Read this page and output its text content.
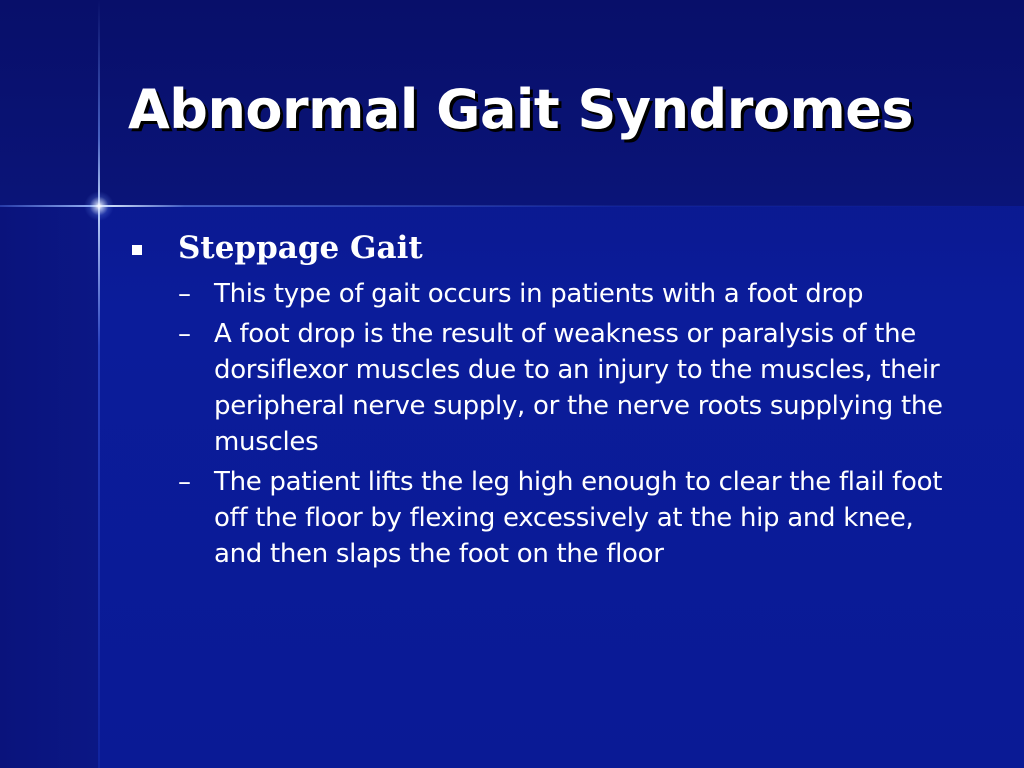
Abnormal Gait Syndromes
Steppage Gait
– This type of gait occurs in patients with a foot drop
– A foot drop is the result of weakness or paralysis of the dorsiflexor muscles due to an injury to the muscles, their peripheral nerve supply, or the nerve roots supplying the muscles
– The patient lifts the leg high enough to clear the flail foot off the floor by flexing excessively at the hip and knee, and then slaps the foot on the floor
